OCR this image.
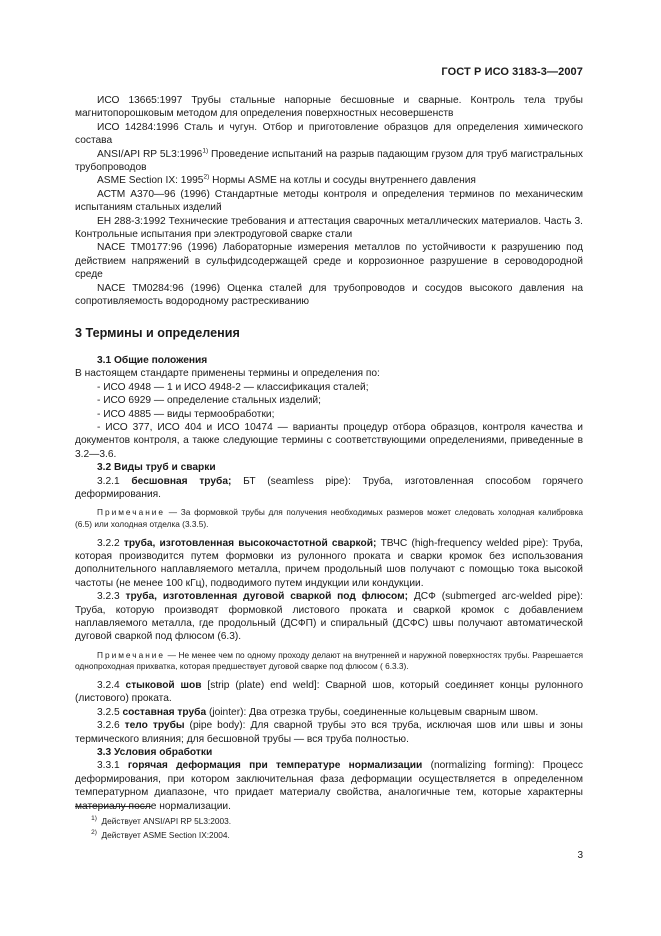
ГОСТ Р ИСО 3183-3—2007

ИСО 13665:1997 Трубы стальные напорные бесшовные и сварные. Контроль тела трубы магнитопорошковым методом для определения поверхностных несовершенств

ИСО 14284:1996 Сталь и чугун. Отбор и приготовление образцов для определения химического состава

ANSI/API RP 5L3:1996$^{1)}$ Проведение испытаний на разрыв падающим грузом для труб магистральных трубопроводов

ASME Section IX: 1995$^{2)}$ Нормы ASME на котлы и сосуды внутреннего давления

АСТМ А370—96 (1996) Стандартные методы контроля и определения терминов по механическим испытаниям стальных изделий

ЕН 288-3:1992 Технические требования и аттестация сварочных металлических материалов. Часть 3. Контрольные испытания при электродуговой сварке стали

NACE TM0177:96 (1996) Лабораторные измерения металлов по устойчивости к разрушению под действием напряжений в сульфидсодержащей среде и коррозионное разрушение в сероводородной среде

NACE TM0284:96 (1996) Оценка сталей для трубопроводов и сосудов высокого давления на сопротивляемость водородному растрескиванию

3 Термины и определения

3.1 Общие положения

В настоящем стандарте применены термины и определения по:

- ИСО 4948 — 1 и ИСО 4948-2 — классификация сталей;

- ИСО 6929 — определение стальных изделий;

- ИСО 4885 — виды термообработки;

- ИСО 377, ИСО 404 и ИСО 10474 — варианты процедур отбора образцов, контроля качества и документов контроля, а также следующие термины с соответствующими определениями, приведенные в 3.2—3.6.

3.2 Виды труб и сварки

3.2.1 бесшовная труба; БТ (seamless pipe): Труба, изготовленная способом горячего деформирования.

Примечание — За формовкой трубы для получения необходимых размеров может следовать холодная калибровка (6.5) или холодная отделка (3.3.5).

3.2.2 труба, изготовленная высокочастотной сваркой; ТВЧС (high-frequency welded pipe): Труба, которая производится путем формовки из рулонного проката и сварки кромок без использования дополнительного наплавляемого металла, причем продольный шов получают с помощью тока высокой частоты (не менее 100 кГц), подводимого путем индукции или кондукции.

3.2.3 труба, изготовленная дуговой сваркой под флюсом; ДСФ (submerged arc-welded pipe): Труба, которую производят формовкой листового проката и сваркой кромок с добавлением наплавляемого металла, где продольный (ДСФП) и спиральный (ДСФС) швы получают автоматической дуговой сваркой под флюсом (6.3).

Примечание — Не менее чем по одному проходу делают на внутренней и наружной поверхностях трубы. Разрешается однопроходная прихватка, которая предшествует дуговой сварке под флюсом ( 6.3.3).

3.2.4 стыковой шов [strip (plate) end weld]: Сварной шов, который соединяет концы рулонного (листового) проката.

3.2.5 составная труба (jointer): Два отрезка трубы, соединенные кольцевым сварным швом.

3.2.6 тело трубы (pipe body): Для сварной трубы это вся труба, исключая шов или швы и зоны термического влияния; для бесшовной трубы — вся труба полностью.

3.3 Условия обработки

3.3.1 горячая деформация при температуре нормализации (normalizing forming): Процесс деформирования, при котором заключительная фаза деформации осуществляется в определенном температурном диапазоне, что придает материалу свойства, аналогичные тем, которые характерны материалу после нормализации.

$^{1)}$ Действует ANSI/API RP 5L3:2003.

$^{2)}$ Действует ASME Section IX:2004.

3
